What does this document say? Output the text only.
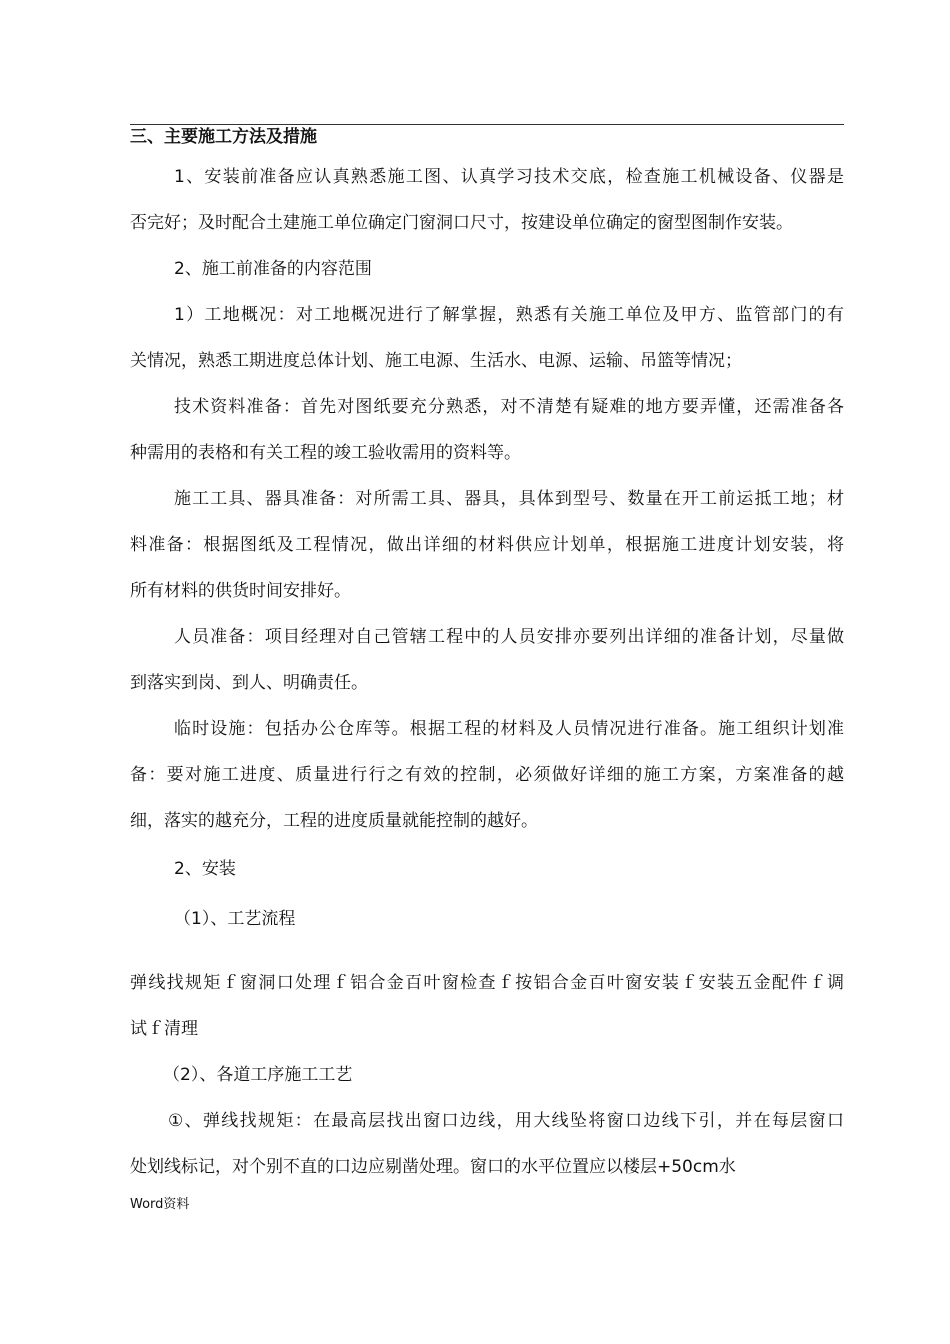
三、主要施工方法及措施
1、安装前准备应认真熟悉施工图、认真学习技术交底，检查施工机械设备、仪器是
否完好；及时配合土建施工单位确定门窗洞口尺寸，按建设单位确定的窗型图制作安装。
2、施工前准备的内容范围
1）工地概况：对工地概况进行了解掌握，熟悉有关施工单位及甲方、监管部门的有
关情况，熟悉工期进度总体计划、施工电源、生活水、电源、运输、吊篮等情况；
技术资料准备：首先对图纸要充分熟悉，对不清楚有疑难的地方要弄懂，还需准备各
种需用的表格和有关工程的竣工验收需用的资料等。
施工工具、器具准备：对所需工具、器具，具体到型号、数量在开工前运抵工地；材
料准备：根据图纸及工程情况，做出详细的材料供应计划单，根据施工进度计划安装，将
所有材料的供货时间安排好。
人员准备：项目经理对自己管辖工程中的人员安排亦要列出详细的准备计划，尽量做
到落实到岗、到人、明确责任。
临时设施：包括办公仓库等。根据工程的材料及人员情况进行准备。施工组织计划准
备：要对施工进度、质量进行行之有效的控制，必须做好详细的施工方案，方案准备的越
细，落实的越充分，工程的进度质量就能控制的越好。
2、安装
（1）、工艺流程
弹线找规矩ｆ窗洞口处理ｆ铝合金百叶窗检查ｆ按铝合金百叶窗安装ｆ安装五金配件ｆ调
试ｆ清理
（2）、各道工序施工工艺
①、弹线找规矩：在最高层找出窗口边线，用大线坠将窗口边线下引，并在每层窗口
处划线标记，对个别不直的口边应剔凿处理。窗口的水平位置应以楼层+50cm水
Word资料
